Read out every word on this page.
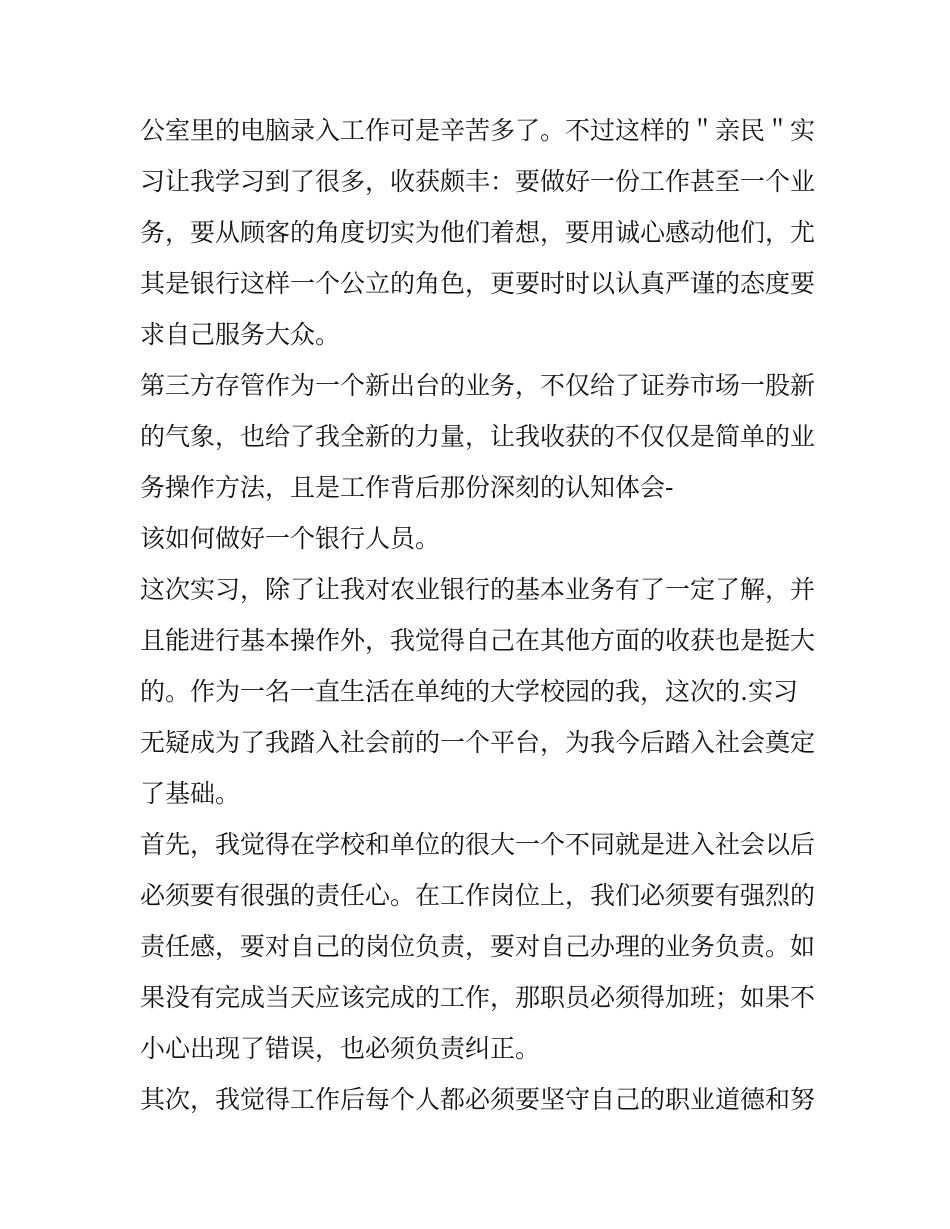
公室里的电脑录入工作可是辛苦多了。不过这样的＂亲民＂实
习让我学习到了很多，收获颇丰：要做好一份工作甚至一个业
务，要从顾客的角度切实为他们着想，要用诚心感动他们，尤
其是银行这样一个公立的角色，更要时时以认真严谨的态度要
求自己服务大众。
第三方存管作为一个新出台的业务，不仅给了证券市场一股新
的气象，也给了我全新的力量，让我收获的不仅仅是简单的业
务操作方法，且是工作背后那份深刻的认知体会-
该如何做好一个银行人员。
这次实习，除了让我对农业银行的基本业务有了一定了解，并
且能进行基本操作外，我觉得自己在其他方面的收获也是挺大
的。作为一名一直生活在单纯的大学校园的我，这次的.实习
无疑成为了我踏入社会前的一个平台，为我今后踏入社会奠定
了基础。
首先，我觉得在学校和单位的很大一个不同就是进入社会以后
必须要有很强的责任心。在工作岗位上，我们必须要有强烈的
责任感，要对自己的岗位负责，要对自己办理的业务负责。如
果没有完成当天应该完成的工作，那职员必须得加班；如果不
小心出现了错误，也必须负责纠正。
其次，我觉得工作后每个人都必须要坚守自己的职业道德和努
